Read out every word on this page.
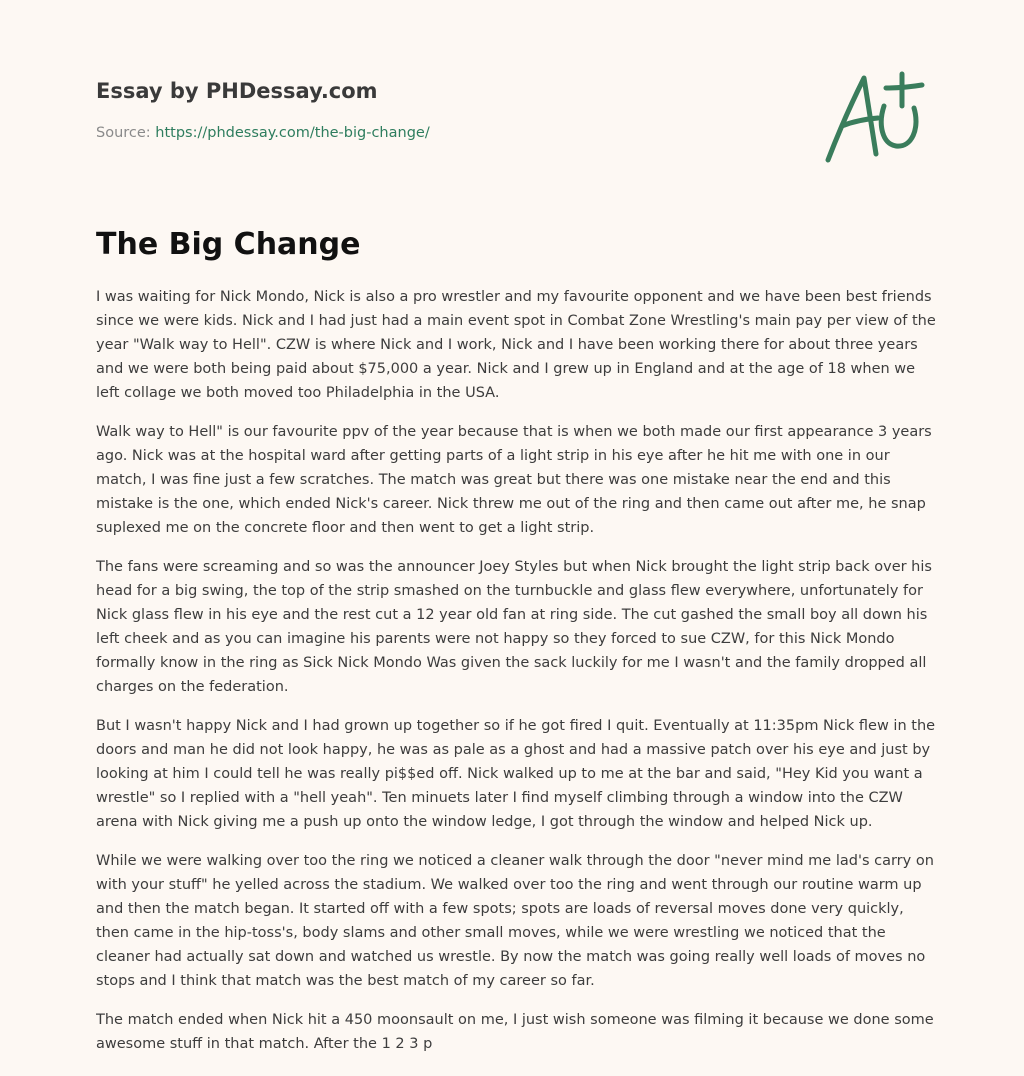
Essay by PHDessay.com
Source: https://phdessay.com/the-big-change/
The Big Change

I was waiting for Nick Mondo, Nick is also a pro wrestler and my favourite opponent and we have been best friends since we were kids. Nick and I had just had a main event spot in Combat Zone Wrestling's main pay per view of the year "Walk way to Hell". CZW is where Nick and I work, Nick and I have been working there for about three years and we were both being paid about $75,000 a year. Nick and I grew up in England and at the age of 18 when we left collage we both moved too Philadelphia in the USA.

Walk way to Hell" is our favourite ppv of the year because that is when we both made our first appearance 3 years ago. Nick was at the hospital ward after getting parts of a light strip in his eye after he hit me with one in our match, I was fine just a few scratches. The match was great but there was one mistake near the end and this mistake is the one, which ended Nick's career. Nick threw me out of the ring and then came out after me, he snap suplexed me on the concrete floor and then went to get a light strip.

The fans were screaming and so was the announcer Joey Styles but when Nick brought the light strip back over his head for a big swing, the top of the strip smashed on the turnbuckle and glass flew everywhere, unfortunately for Nick glass flew in his eye and the rest cut a 12 year old fan at ring side. The cut gashed the small boy all down his left cheek and as you can imagine his parents were not happy so they forced to sue CZW, for this Nick Mondo formally know in the ring as Sick Nick Mondo Was given the sack luckily for me I wasn't and the family dropped all charges on the federation.

But I wasn't happy Nick and I had grown up together so if he got fired I quit. Eventually at 11:35pm Nick flew in the doors and man he did not look happy, he was as pale as a ghost and had a massive patch over his eye and just by looking at him I could tell he was really pi$$ed off. Nick walked up to me at the bar and said, "Hey Kid you want a wrestle" so I replied with a "hell yeah". Ten minuets later I find myself climbing through a window into the CZW arena with Nick giving me a push up onto the window ledge, I got through the window and helped Nick up.

While we were walking over too the ring we noticed a cleaner walk through the door "never mind me lad's carry on with your stuff" he yelled across the stadium. We walked over too the ring and went through our routine warm up and then the match began. It started off with a few spots; spots are loads of reversal moves done very quickly, then came in the hip-toss's, body slams and other small moves, while we were wrestling we noticed that the cleaner had actually sat down and watched us wrestle. By now the match was going really well loads of moves no stops and I think that match was the best match of my career so far.

The match ended when Nick hit a 450 moonsault on me, I just wish someone was filming it because we done some awesome stuff in that match. After the 1 2 3 p
